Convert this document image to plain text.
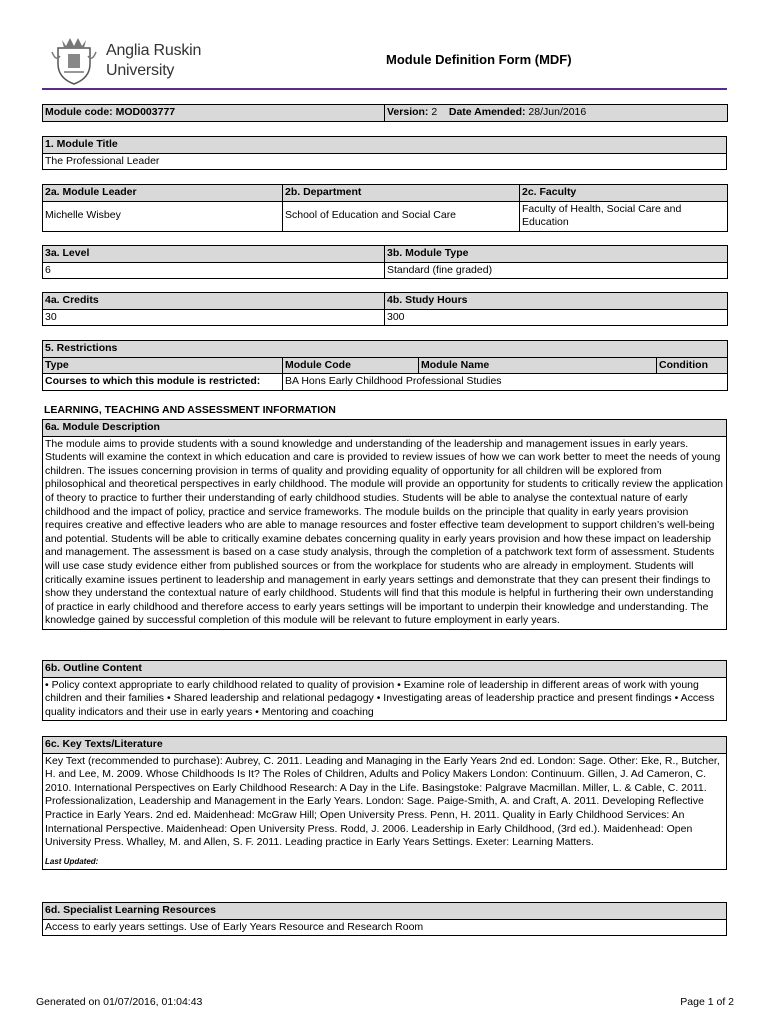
Anglia Ruskin
University
Module Definition Form (MDF)
Module code: MOD003777	Version: 2 Date Amended: 28/Jun/2016
1. Module Title
The Professional Leader
2a. Module Leader	2b. Department	2c. Faculty
Michelle Wisbey	School of Education and Social Care	Faculty of Health, Social Care and Education
3a. Level	3b. Module Type
6	Standard (fine graded)
4a. Credits	4b. Study Hours
30	300
5. Restrictions			
Type	Module Code	Module Name	Condition
Courses to which this module is restricted:	BA Hons Early Childhood Professional Studies		
LEARNING, TEACHING AND ASSESSMENT INFORMATION
6a. Module Description
The module aims to provide students with a sound knowledge and understanding of the leadership and management issues in early years. Students will examine the context in which education and care is provided to review issues of how we can work better to meet the needs of young children. The issues concerning provision in terms of quality and providing equality of opportunity for all children will be explored from philosophical and theoretical perspectives in early childhood. The module will provide an opportunity for students to critically review the application of theory to practice to further their understanding of early childhood studies. Students will be able to analyse the contextual nature of early childhood and the impact of policy, practice and service frameworks. The module builds on the principle that quality in early years provision requires creative and effective leaders who are able to manage resources and foster effective team development to support children’s well-being and potential. Students will be able to critically examine debates concerning quality in early years provision and how these impact on leadership and management. The assessment is based on a case study analysis, through the completion of a patchwork text form of assessment. Students will use case study evidence either from published sources or from the workplace for students who are already in employment. Students will critically examine issues pertinent to leadership and management in early years settings and demonstrate that they can present their findings to show they understand the contextual nature of early childhood. Students will find that this module is helpful in furthering their own understanding of practice in early childhood and therefore access to early years settings will be important to underpin their knowledge and understanding. The knowledge gained by successful completion of this module will be relevant to future employment in early years.
6b. Outline Content
• Policy context appropriate to early childhood related to quality of provision • Examine role of leadership in different areas of work with young children and their families • Shared leadership and relational pedagogy • Investigating areas of leadership practice and present findings • Access quality indicators and their use in early years • Mentoring and coaching
6c. Key Texts/Literature

Key Text (recommended to purchase): Aubrey, C. 2011. Leading and Managing in the Early Years 2nd ed. London: Sage. Other: Eke, R., Butcher, H. and Lee, M. 2009. Whose Childhoods Is It? The Roles of Children, Adults and Policy Makers London: Continuum. Gillen, J. Ad Cameron, C. 2010. International Perspectives on Early Childhood Research: A Day in the Life. Basingstoke: Palgrave Macmillan. Miller, L. & Cable, C. 2011. Professionalization, Leadership and Management in the Early Years. London: Sage. Paige-Smith, A. and Craft, A. 2011. Developing Reflective Practice in Early Years. 2nd ed. Maidenhead: McGraw Hill; Open University Press. Penn, H. 2011. Quality in Early Childhood Services: An International Perspective. Maidenhead: Open University Press. Rodd, J. 2006. Leadership in Early Childhood, (3rd ed.). Maidenhead: Open University Press. Whalley, M. and Allen, S. F. 2011. Leading practice in Early Years Settings. Exeter: Learning Matters.
Last Updated:
6d. Specialist Learning Resources
Access to early years settings. Use of Early Years Resource and Research Room
Generated on 01/07/2016, 01:04:43	Page 1 of 2
